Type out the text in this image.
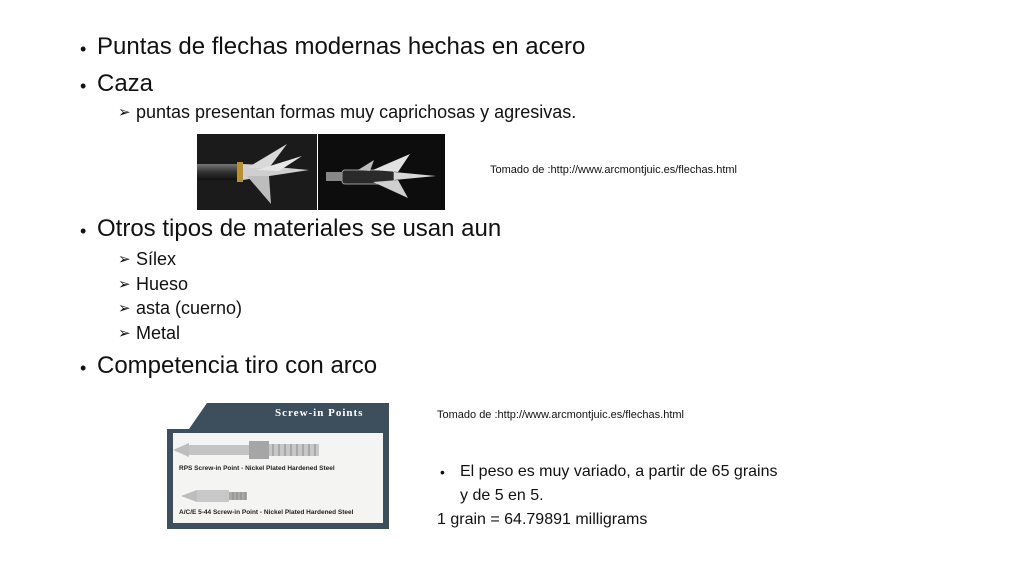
• Puntas de flechas modernas hechas en acero
• Caza
➢ puntas presentan formas muy caprichosas y agresivas.
Tomado de :http://www.arcmontjuic.es/flechas.html
• Otros tipos de materiales se usan aun
➢ Sílex
➢ Hueso
➢ asta (cuerno)
➢ Metal
• Competencia tiro con arco
Screw-in Points
RPS Screw-in Point - Nickel Plated Hardened Steel
A/C/E 5-44 Screw-in Point - Nickel Plated Hardened Steel
Tomado de :http://www.arcmontjuic.es/flechas.html
• El peso es muy variado, a partir de 65 grains
y de 5 en 5.
1 grain = 64.79891 milligrams
